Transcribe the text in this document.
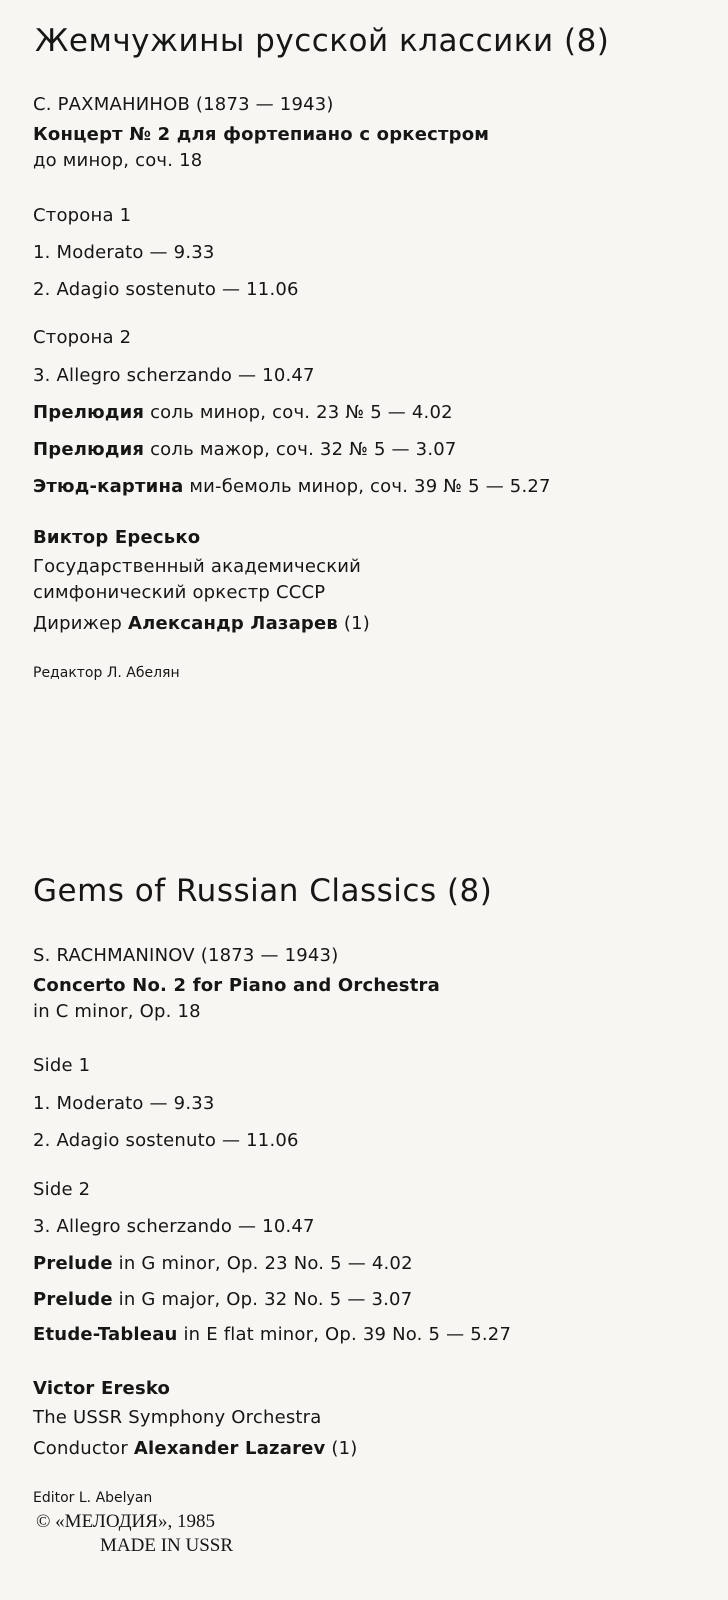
Жемчужины русской классики (8)
С. РАХМАНИНОВ (1873 — 1943)
Концерт № 2 для фортепиано с оркестром
до минор, соч. 18
Сторона 1
1. Moderato — 9.33
2. Adagio sostenuto — 11.06
Сторона 2
3. Allegro scherzando — 10.47
Прелюдия соль минор, соч. 23 № 5 — 4.02
Прелюдия соль мажор, соч. 32 № 5 — 3.07
Этюд-картина ми-бемоль минор, соч. 39 № 5 — 5.27
Виктор Ересько
Государственный академический
симфонический оркестр СССР
Дирижер Александр Лазарев (1)
Редактор Л. Абелян
Gems of Russian Classics (8)
S. RACHMANINOV (1873 — 1943)
Concerto No. 2 for Piano and Orchestra
in C minor, Op. 18
Side 1
1. Moderato — 9.33
2. Adagio sostenuto — 11.06
Side 2
3. Allegro scherzando — 10.47
Prelude in G minor, Op. 23 No. 5 — 4.02
Prelude in G major, Op. 32 No. 5 — 3.07
Etude-Tableau in E flat minor, Op. 39 No. 5 — 5.27
Victor Eresko
The USSR Symphony Orchestra
Conductor Alexander Lazarev (1)
Editor L. Abelyan
© «МЕЛОДИЯ», 1985
MADE IN USSR
